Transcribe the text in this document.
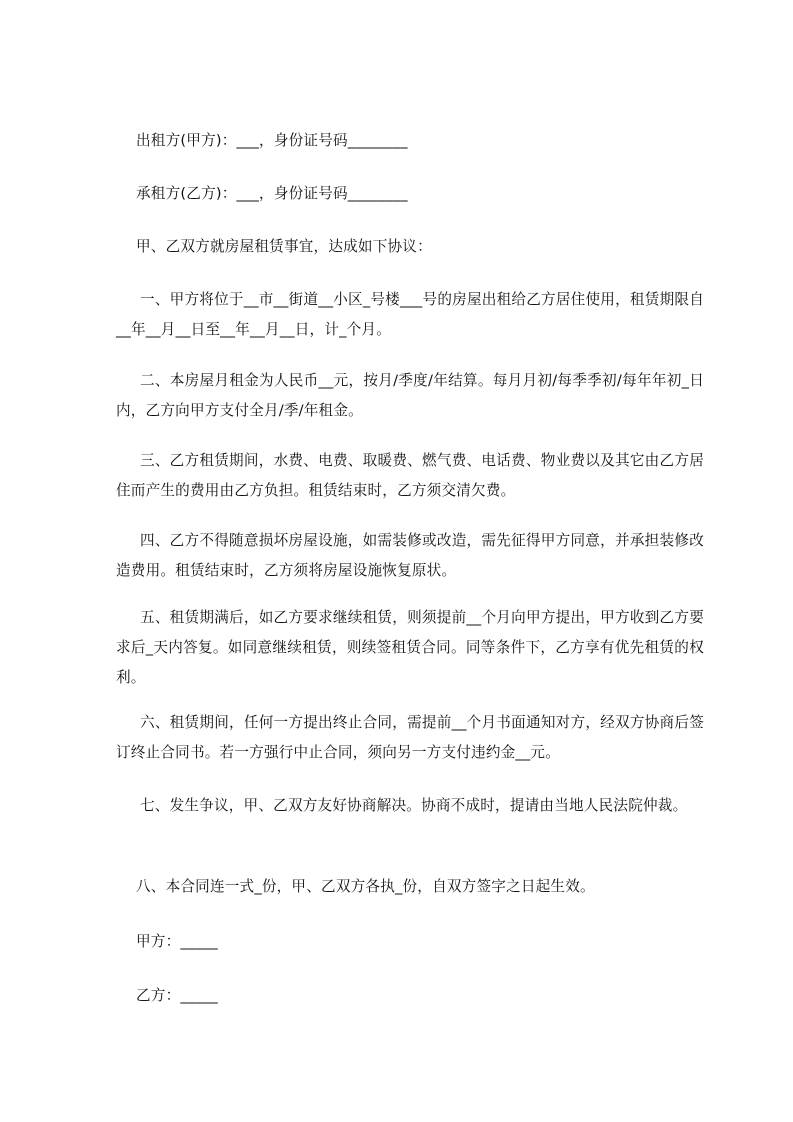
出租方(甲方)：___，身份证号码________
承租方(乙方)：___，身份证号码________
甲、乙双方就房屋租赁事宜，达成如下协议：
一、甲方将位于__市__街道__小区_号楼___号的房屋出租给乙方居住使用，租赁期限自__年__月__日至__年__月__日，计_个月。
二、本房屋月租金为人民币__元，按月/季度/年结算。每月月初/每季季初/每年年初_日内，乙方向甲方支付全月/季/年租金。
三、乙方租赁期间，水费、电费、取暖费、燃气费、电话费、物业费以及其它由乙方居住而产生的费用由乙方负担。租赁结束时，乙方须交清欠费。
四、乙方不得随意损坏房屋设施，如需装修或改造，需先征得甲方同意，并承担装修改造费用。租赁结束时，乙方须将房屋设施恢复原状。
五、租赁期满后，如乙方要求继续租赁，则须提前__个月向甲方提出，甲方收到乙方要求后_天内答复。如同意继续租赁，则续签租赁合同。同等条件下，乙方享有优先租赁的权利。
六、租赁期间，任何一方提出终止合同，需提前__个月书面通知对方，经双方协商后签订终止合同书。若一方强行中止合同，须向另一方支付违约金__元。
七、发生争议，甲、乙双方友好协商解决。协商不成时，提请由当地人民法院仲裁。
八、本合同连一式_份，甲、乙双方各执_份，自双方签字之日起生效。
甲方：_____
乙方：_____
